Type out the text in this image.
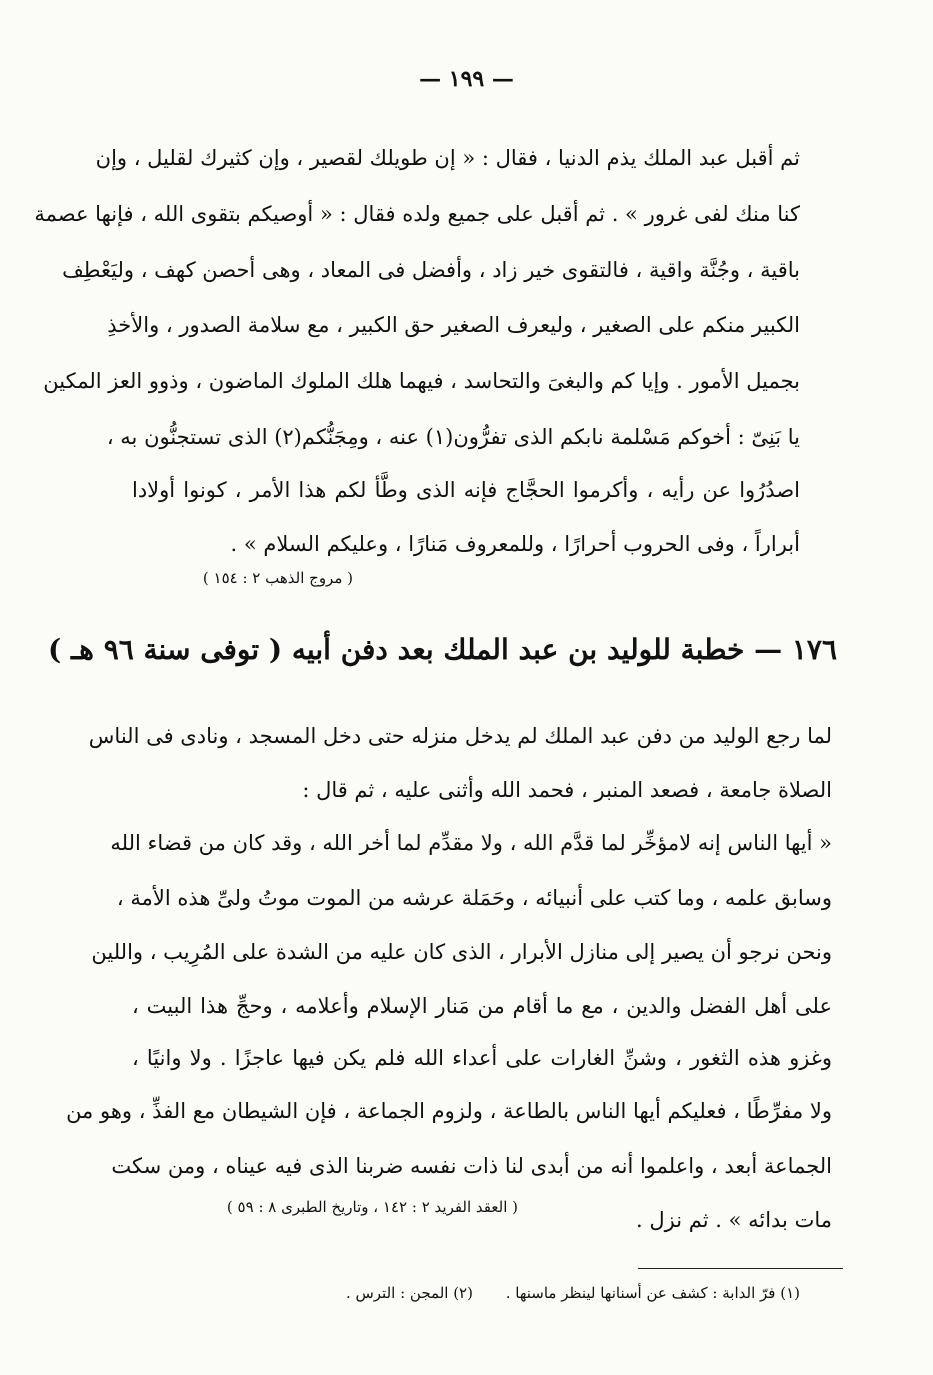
— ١٩٩ —
ثم أقبل عبد الملك يذم الدنيا ، فقال : « إن طويلك لقصير ، وإن كثيرك لقليل ، وإن
كنا منك لفى غرور » . ثم أقبل على جميع ولده فقال : « أوصيكم بتقوى الله ، فإنها عصمة
باقية ، وجُنَّة واقية ، فالتقوى خير زاد ، وأفضل فى المعاد ، وهى أحصن كهف ، وليَعْطِف
الكبير منكم على الصغير ، وليعرف الصغير حق الكبير ، مع سلامة الصدور ، والأخذِ
بجميل الأمور . وإيا كم والبغىَ والتحاسد ، فيهما هلك الملوك الماضون ، وذوو العز المكين
يا بَنِىّ : أخوكم مَسْلمة نابكم الذى تفرُّون(١) عنه ، ومِجَنُّكم(٢) الذى تستجنُّون به ،
اصدُرُوا عن رأيه ، وأكرموا الحجَّاج فإنه الذى وطَّأ لكم هذا الأمر ، كونوا أولادا
أبراراً ، وفى الحروب أحرارًا ، وللمعروف مَنارًا ، وعليكم السلام » .
( مروج الذهب ٢ : ١٥٤ )
١٧٦ — خطبة للوليد بن عبد الملك بعد دفن أبيه ( توفى سنة ٩٦ هـ )
لما رجع الوليد من دفن عبد الملك لم يدخل منزله حتى دخل المسجد ، ونادى فى الناس
الصلاة جامعة ، فصعد المنبر ، فحمد الله وأثنى عليه ، ثم قال :
« أيها الناس إنه لامؤخِّر لما قدَّم الله ، ولا مقدِّم لما أخر الله ، وقد كان من قضاء الله
وسابق علمه ، وما كتب على أنبيائه ، وحَمَلة عرشه من الموت موتُ ولىِّ هذه الأمة ،
ونحن نرجو أن يصير إلى منازل الأبرار ، الذى كان عليه من الشدة على المُرِيب ، واللين
على أهل الفضل والدين ، مع ما أقام من مَنار الإسلام وأعلامه ، وحجِّ هذا البيت ،
وغزو هذه الثغور ، وشنِّ الغارات على أعداء الله فلم يكن فيها عاجزًا . ولا وانيًا ،
ولا مفرِّطًا ، فعليكم أيها الناس بالطاعة ، ولزوم الجماعة ، فإن الشيطان مع الفذِّ ، وهو من
الجماعة أبعد ، واعلموا أنه من أبدى لنا ذات نفسه ضربنا الذى فيه عيناه ، ومن سكت
مات بدائه » . ثم نزل .
( العقد الفريد ٢ : ١٤٢ ، وتاريخ الطبرى ٨ : ٥٩ )
(١) فرّ الدابة : كشف عن أسنانها لينظر ماسنها . (٢) المجن : الترس .
